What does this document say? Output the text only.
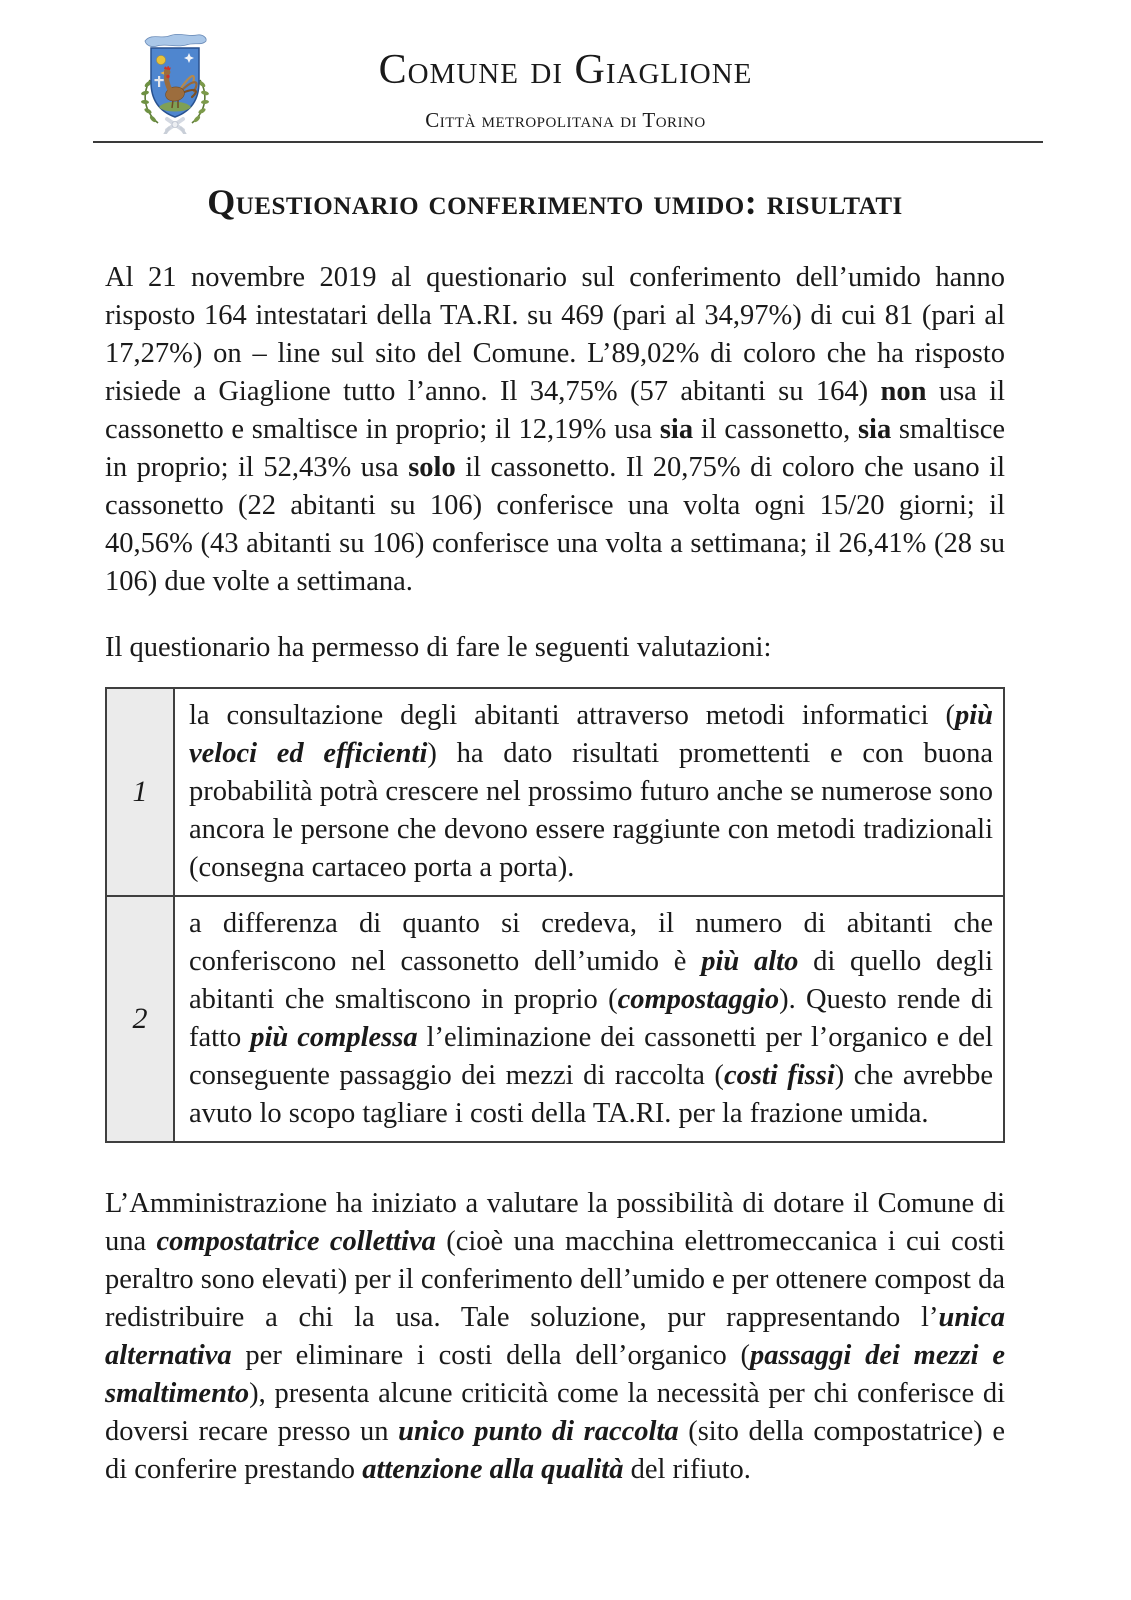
Comune di Giaglione
Città metropolitana di Torino
Questionario conferimento umido: risultati

Al 21 novembre 2019 al questionario sul conferimento dell’umido hanno risposto 164 intestatari della TA.RI. su 469 (pari al 34,97%) di cui 81 (pari al 17,27%) on – line sul sito del Comune. L’89,02% di coloro che ha risposto risiede a Giaglione tutto l’anno. Il 34,75% (57 abitanti su 164) non usa il cassonetto e smaltisce in proprio; il 12,19% usa sia il cassonetto, sia smaltisce in proprio; il 52,43% usa solo il cassonetto. Il 20,75% di coloro che usano il cassonetto (22 abitanti su 106) conferisce una volta ogni 15/20 giorni; il 40,56% (43 abitanti su 106) conferisce una volta a settimana; il 26,41% (28 su 106) due volte a settimana.

Il questionario ha permesso di fare le seguenti valutazioni:

1	la consultazione degli abitanti attraverso metodi informatici (più veloci ed efficienti) ha dato risultati promettenti e con buona probabilità potrà crescere nel prossimo futuro anche se numerose sono ancora le persone che devono essere raggiunte con metodi tradizionali (consegna cartaceo porta a porta).
2	a differenza di quanto si credeva, il numero di abitanti che conferiscono nel cassonetto dell’umido è più alto di quello degli abitanti che smaltiscono in proprio (compostaggio). Questo rende di fatto più complessa l’eliminazione dei cassonetti per l’organico e del conseguente passaggio dei mezzi di raccolta (costi fissi) che avrebbe avuto lo scopo tagliare i costi della TA.RI. per la frazione umida.

L’Amministrazione ha iniziato a valutare la possibilità di dotare il Comune di una compostatrice collettiva (cioè una macchina elettromeccanica i cui costi peraltro sono elevati) per il conferimento dell’umido e per ottenere compost da redistribuire a chi la usa. Tale soluzione, pur rappresentando l’unica alternativa per eliminare i costi della dell’organico (passaggi dei mezzi e smaltimento), presenta alcune criticità come la necessità per chi conferisce di doversi recare presso un unico punto di raccolta (sito della compostatrice) e di conferire prestando attenzione alla qualità del rifiuto.
